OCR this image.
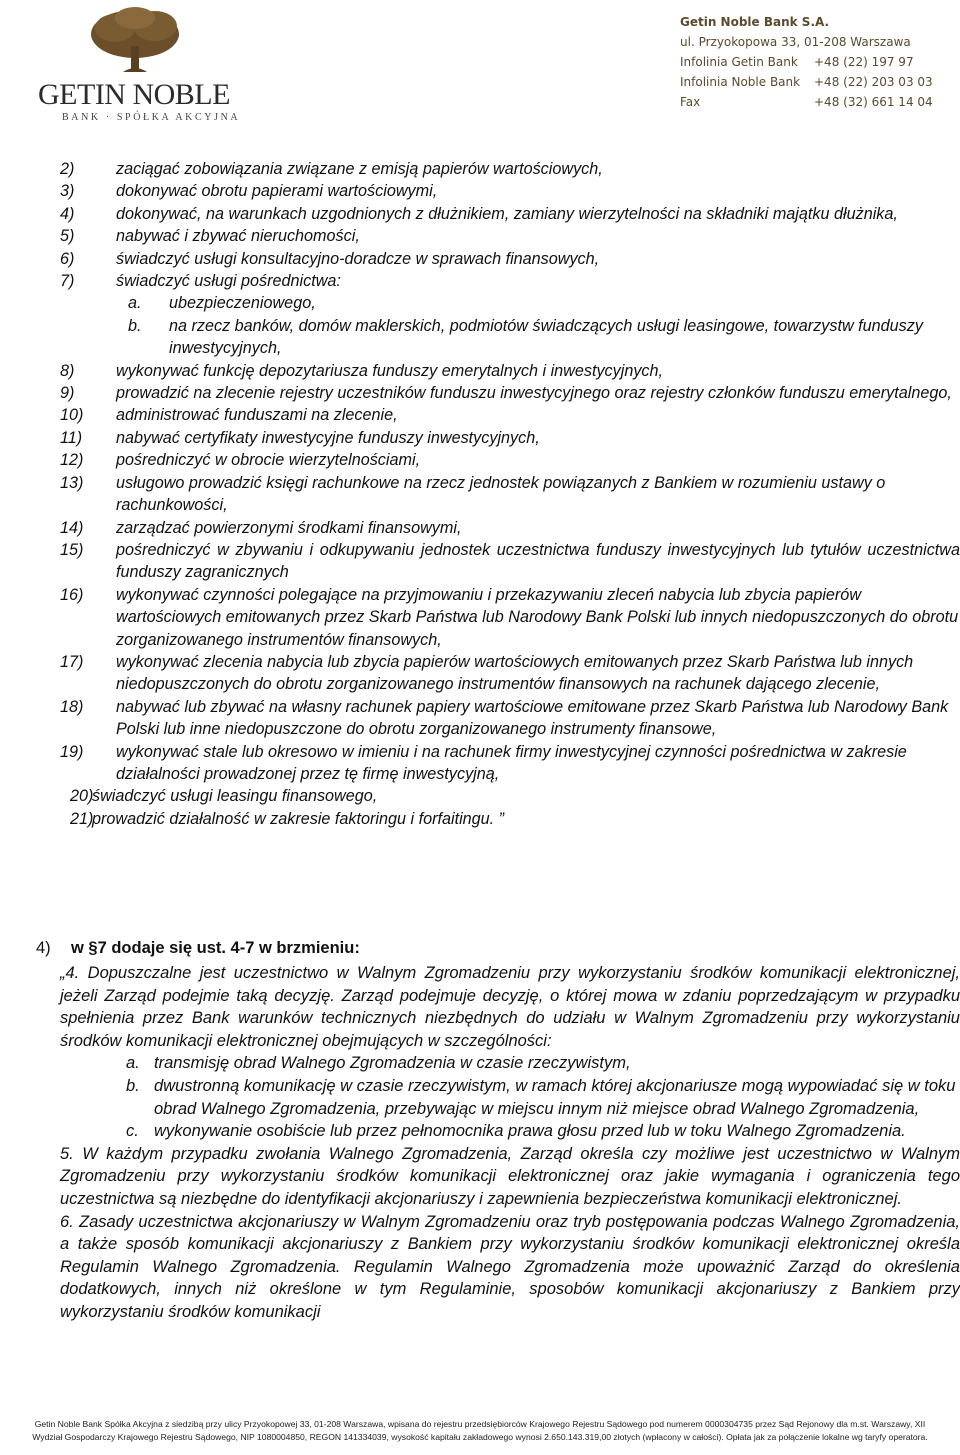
GETIN NOBLE
BANK · SPÓŁKA AKCYJNA
Getin Noble Bank S.A.
ul. Przyokopowa 33, 01-208 Warszawa
Infolinia Getin Bank +48 (22) 197 97
Infolinia Noble Bank +48 (22) 203 03 03
Fax	+48 (32) 661 14 04
2)	zaciągać zobowiązania związane z emisją papierów wartościowych,
3)	dokonywać obrotu papierami wartościowymi,
4)	dokonywać, na warunkach uzgodnionych z dłużnikiem, zamiany wierzytelności na składniki majątku dłużnika,
5)	nabywać i zbywać nieruchomości,
6)	świadczyć usługi konsultacyjno-doradcze w sprawach finansowych,
7)	świadczyć usługi pośrednictwa:
a. ubezpieczeniowego,
b. na rzecz banków, domów maklerskich, podmiotów świadczących usługi leasingowe, towarzystw funduszy inwestycyjnych,
8)	wykonywać funkcję depozytariusza funduszy emerytalnych i inwestycyjnych,
9)	prowadzić na zlecenie rejestry uczestników funduszu inwestycyjnego oraz rejestry członków funduszu emerytalnego,
10) administrować funduszami na zlecenie,
11) nabywać certyfikaty inwestycyjne funduszy inwestycyjnych,
12) pośredniczyć w obrocie wierzytelnościami,
13) usługowo prowadzić księgi rachunkowe na rzecz jednostek powiązanych z Bankiem w rozumieniu ustawy o rachunkowości,
14) zarządzać powierzonymi środkami finansowymi,
15) pośredniczyć w zbywaniu i odkupywaniu jednostek uczestnictwa funduszy inwestycyjnych lub tytułów uczestnictwa funduszy zagranicznych
16) wykonywać czynności polegające na przyjmowaniu i przekazywaniu zleceń nabycia lub zbycia papierów wartościowych emitowanych przez Skarb Państwa lub Narodowy Bank Polski lub innych niedopuszczonych do obrotu zorganizowanego instrumentów finansowych,
17) wykonywać zlecenia nabycia lub zbycia papierów wartościowych emitowanych przez Skarb Państwa lub innych niedopuszczonych do obrotu zorganizowanego instrumentów finansowych na rachunek dającego zlecenie,
18) nabywać lub zbywać na własny rachunek papiery wartościowe emitowane przez Skarb Państwa lub Narodowy Bank Polski lub inne niedopuszczone do obrotu zorganizowanego instrumenty finansowe,
19) wykonywać stale lub okresowo w imieniu i na rachunek firmy inwestycyjnej czynności pośrednictwa w zakresie działalności prowadzonej przez tę firmę inwestycyjną,
20)
świadczyć usługi leasingu finansowego,
21)
prowadzić działalność w zakresie faktoringu i forfaitingu. ”
4) w §7 dodaje się ust. 4-7 w brzmieniu:
„4. Dopuszczalne jest uczestnictwo w Walnym Zgromadzeniu przy wykorzystaniu środków komunikacji elektronicznej, jeżeli Zarząd podejmie taką decyzję. Zarząd podejmuje decyzję, o której mowa w zdaniu poprzedzającym w przypadku spełnienia przez Bank warunków technicznych niezbędnych do udziału w Walnym Zgromadzeniu przy wykorzystaniu środków komunikacji elektronicznej obejmujących w szczególności:
a. transmisję obrad Walnego Zgromadzenia w czasie rzeczywistym,
b. dwustronną komunikację w czasie rzeczywistym, w ramach której akcjonariusze mogą wypowiadać się w toku obrad Walnego Zgromadzenia, przebywając w miejscu innym niż miejsce obrad Walnego Zgromadzenia,
c. wykonywanie osobiście lub przez pełnomocnika prawa głosu przed lub w toku Walnego Zgromadzenia.
5. W każdym przypadku zwołania Walnego Zgromadzenia, Zarząd określa czy możliwe jest uczestnictwo w Walnym Zgromadzeniu przy wykorzystaniu środków komunikacji elektronicznej oraz jakie wymagania i ograniczenia tego uczestnictwa są niezbędne do identyfikacji akcjonariuszy i zapewnienia bezpieczeństwa komunikacji elektronicznej.
6. Zasady uczestnictwa akcjonariuszy w Walnym Zgromadzeniu oraz tryb postępowania podczas Walnego Zgromadzenia, a także sposób komunikacji akcjonariuszy z Bankiem przy wykorzystaniu środków komunikacji elektronicznej określa Regulamin Walnego Zgromadzenia. Regulamin Walnego Zgromadzenia może upoważnić Zarząd do określenia dodatkowych, innych niż określone w tym Regulaminie, sposobów komunikacji akcjonariuszy z Bankiem przy wykorzystaniu środków komunikacji
Getin Noble Bank Spółka Akcyjna z siedzibą przy ulicy Przyokopowej 33, 01-208 Warszawa, wpisana do rejestru przedsiębiorców Krajowego Rejestru Sądowego pod numerem 0000304735 przez Sąd Rejonowy dla m.st. Warszawy, XII
Wydział Gospodarczy Krajowego Rejestru Sądowego, NIP 1080004850, REGON 141334039, wysokość kapitału zakładowego wynosi 2.650.143.319,00 złotych (wpłacony w całości). Opłata jak za połączenie lokalne wg taryfy operatora.
